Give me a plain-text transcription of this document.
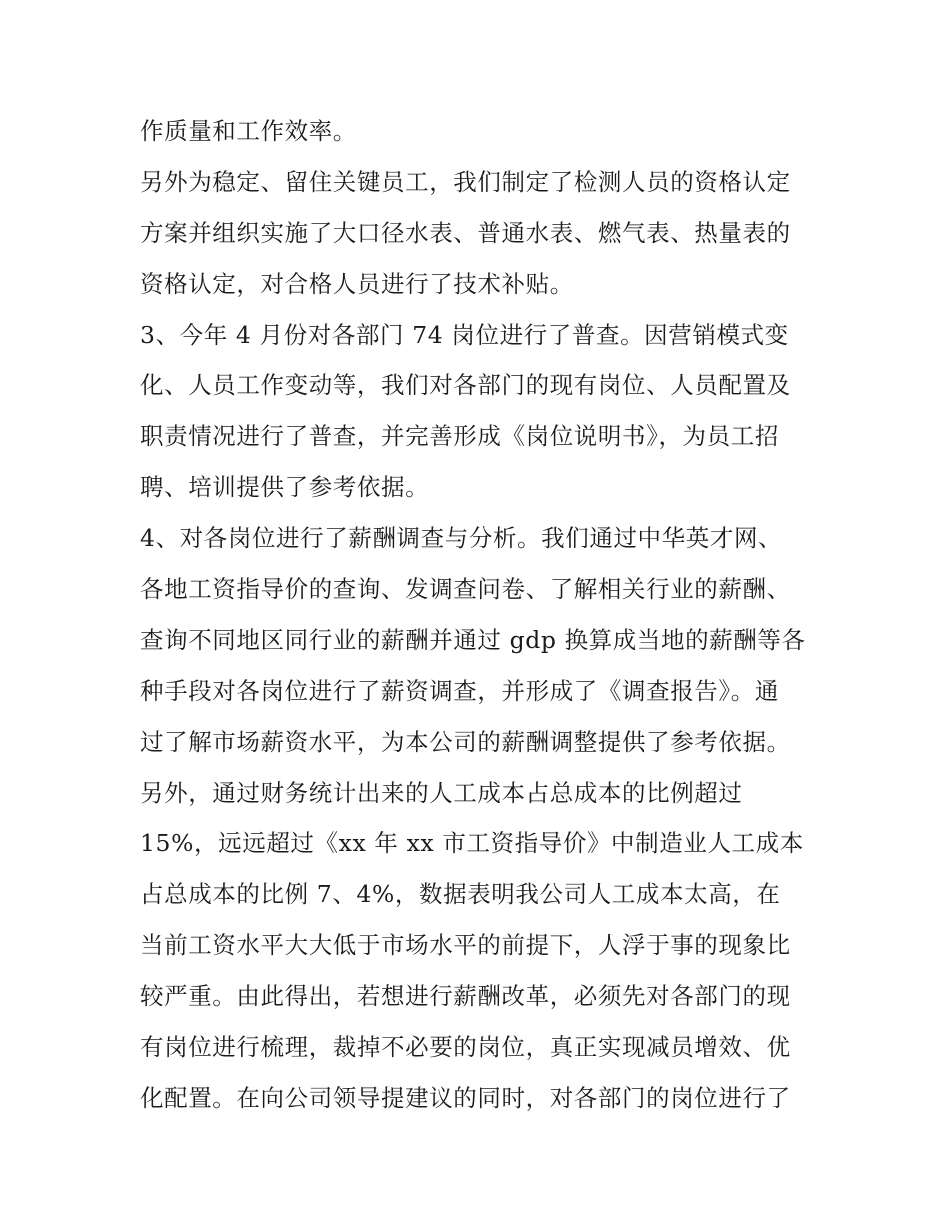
作质量和工作效率。
另外为稳定、留住关键员工，我们制定了检测人员的资格认定
方案并组织实施了大口径水表、普通水表、燃气表、热量表的
资格认定，对合格人员进行了技术补贴。
3、今年 4 月份对各部门 74 岗位进行了普查。因营销模式变
化、人员工作变动等，我们对各部门的现有岗位、人员配置及
职责情况进行了普查，并完善形成《岗位说明书》，为员工招
聘、培训提供了参考依据。
4、对各岗位进行了薪酬调查与分析。我们通过中华英才网、
各地工资指导价的查询、发调查问卷、了解相关行业的薪酬、
查询不同地区同行业的薪酬并通过 gdp 换算成当地的薪酬等各
种手段对各岗位进行了薪资调查，并形成了《调查报告》。通
过了解市场薪资水平，为本公司的薪酬调整提供了参考依据。
另外，通过财务统计出来的人工成本占总成本的比例超过
15%，远远超过《xx 年 xx 市工资指导价》中制造业人工成本
占总成本的比例 7、4%，数据表明我公司人工成本太高，在
当前工资水平大大低于市场水平的前提下，人浮于事的现象比
较严重。由此得出，若想进行薪酬改革，必须先对各部门的现
有岗位进行梳理，裁掉不必要的岗位，真正实现减员增效、优
化配置。在向公司领导提建议的同时，对各部门的岗位进行了
